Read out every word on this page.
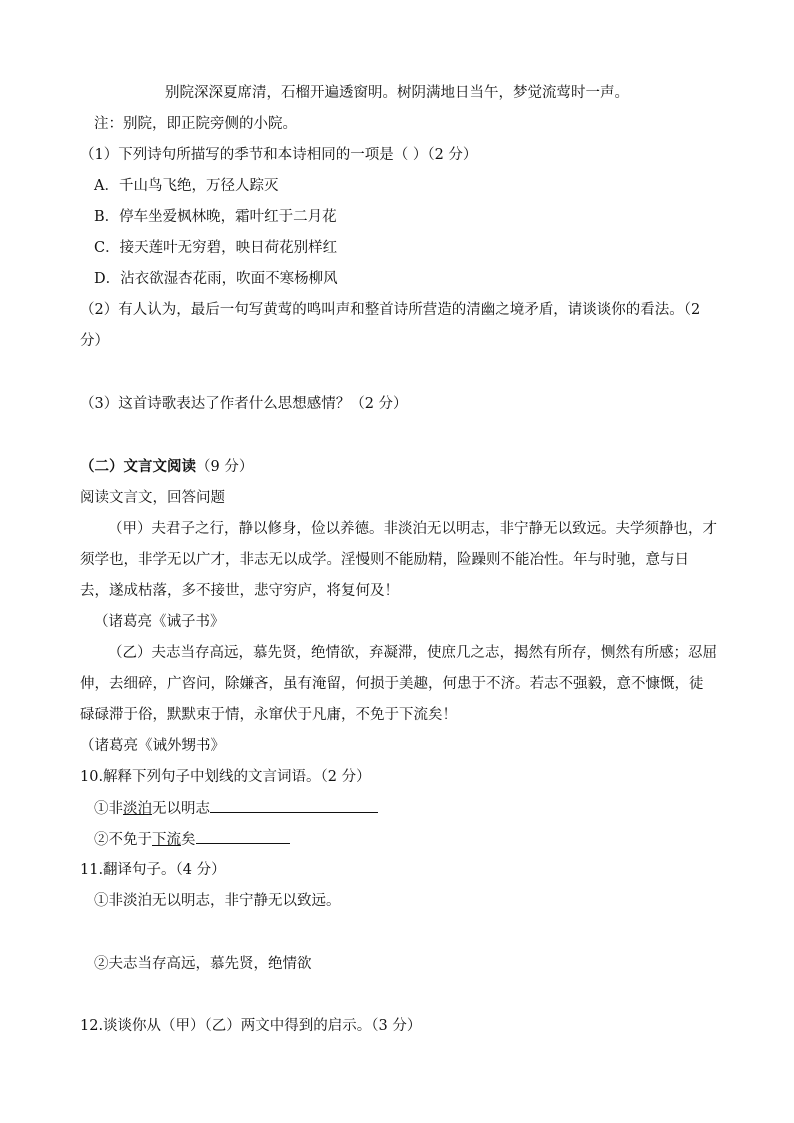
别院深深夏席清，石榴开遍透窗明。树阴满地日当午，梦觉流莺时一声。
注：别院，即正院旁侧的小院。
（1）下列诗句所描写的季节和本诗相同的一项是（ ）（2 分）
A．千山鸟飞绝，万径人踪灭
B．停车坐爱枫林晚，霜叶红于二月花
C．接天莲叶无穷碧，映日荷花别样红
D．沾衣欲湿杏花雨，吹面不寒杨柳风
（2）有人认为，最后一句写黄莺的鸣叫声和整首诗所营造的清幽之境矛盾，请谈谈你的看法。（2
分）
（3）这首诗歌表达了作者什么思想感情？（2 分）
（二）文言文阅读（9 分）
阅读文言文，回答问题
（甲）夫君子之行，静以修身，俭以养德。非淡泊无以明志，非宁静无以致远。夫学须静也，才
须学也，非学无以广才，非志无以成学。淫慢则不能励精，险躁则不能冶性。年与时驰，意与日
去，遂成枯落，多不接世，悲守穷庐，将复何及！
（诸葛亮《诫子书》
（乙）夫志当存高远，慕先贤，绝情欲，弃凝滞，使庶几之志，揭然有所存，恻然有所感；忍屈
伸，去细碎，广咨问，除嫌吝，虽有淹留，何损于美趣，何患于不济。若志不强毅，意不慷慨，徒
碌碌滞于俗，默默束于情，永窜伏于凡庸，不免于下流矣！
（诸葛亮《诫外甥书》
10.解释下列句子中划线的文言词语。（2 分）
①非淡泊无以明志
②不免于下流矣
11.翻译句子。（4 分）
①非淡泊无以明志，非宁静无以致远。
②夫志当存高远，慕先贤，绝情欲
12.谈谈你从（甲）（乙）两文中得到的启示。（3 分）
